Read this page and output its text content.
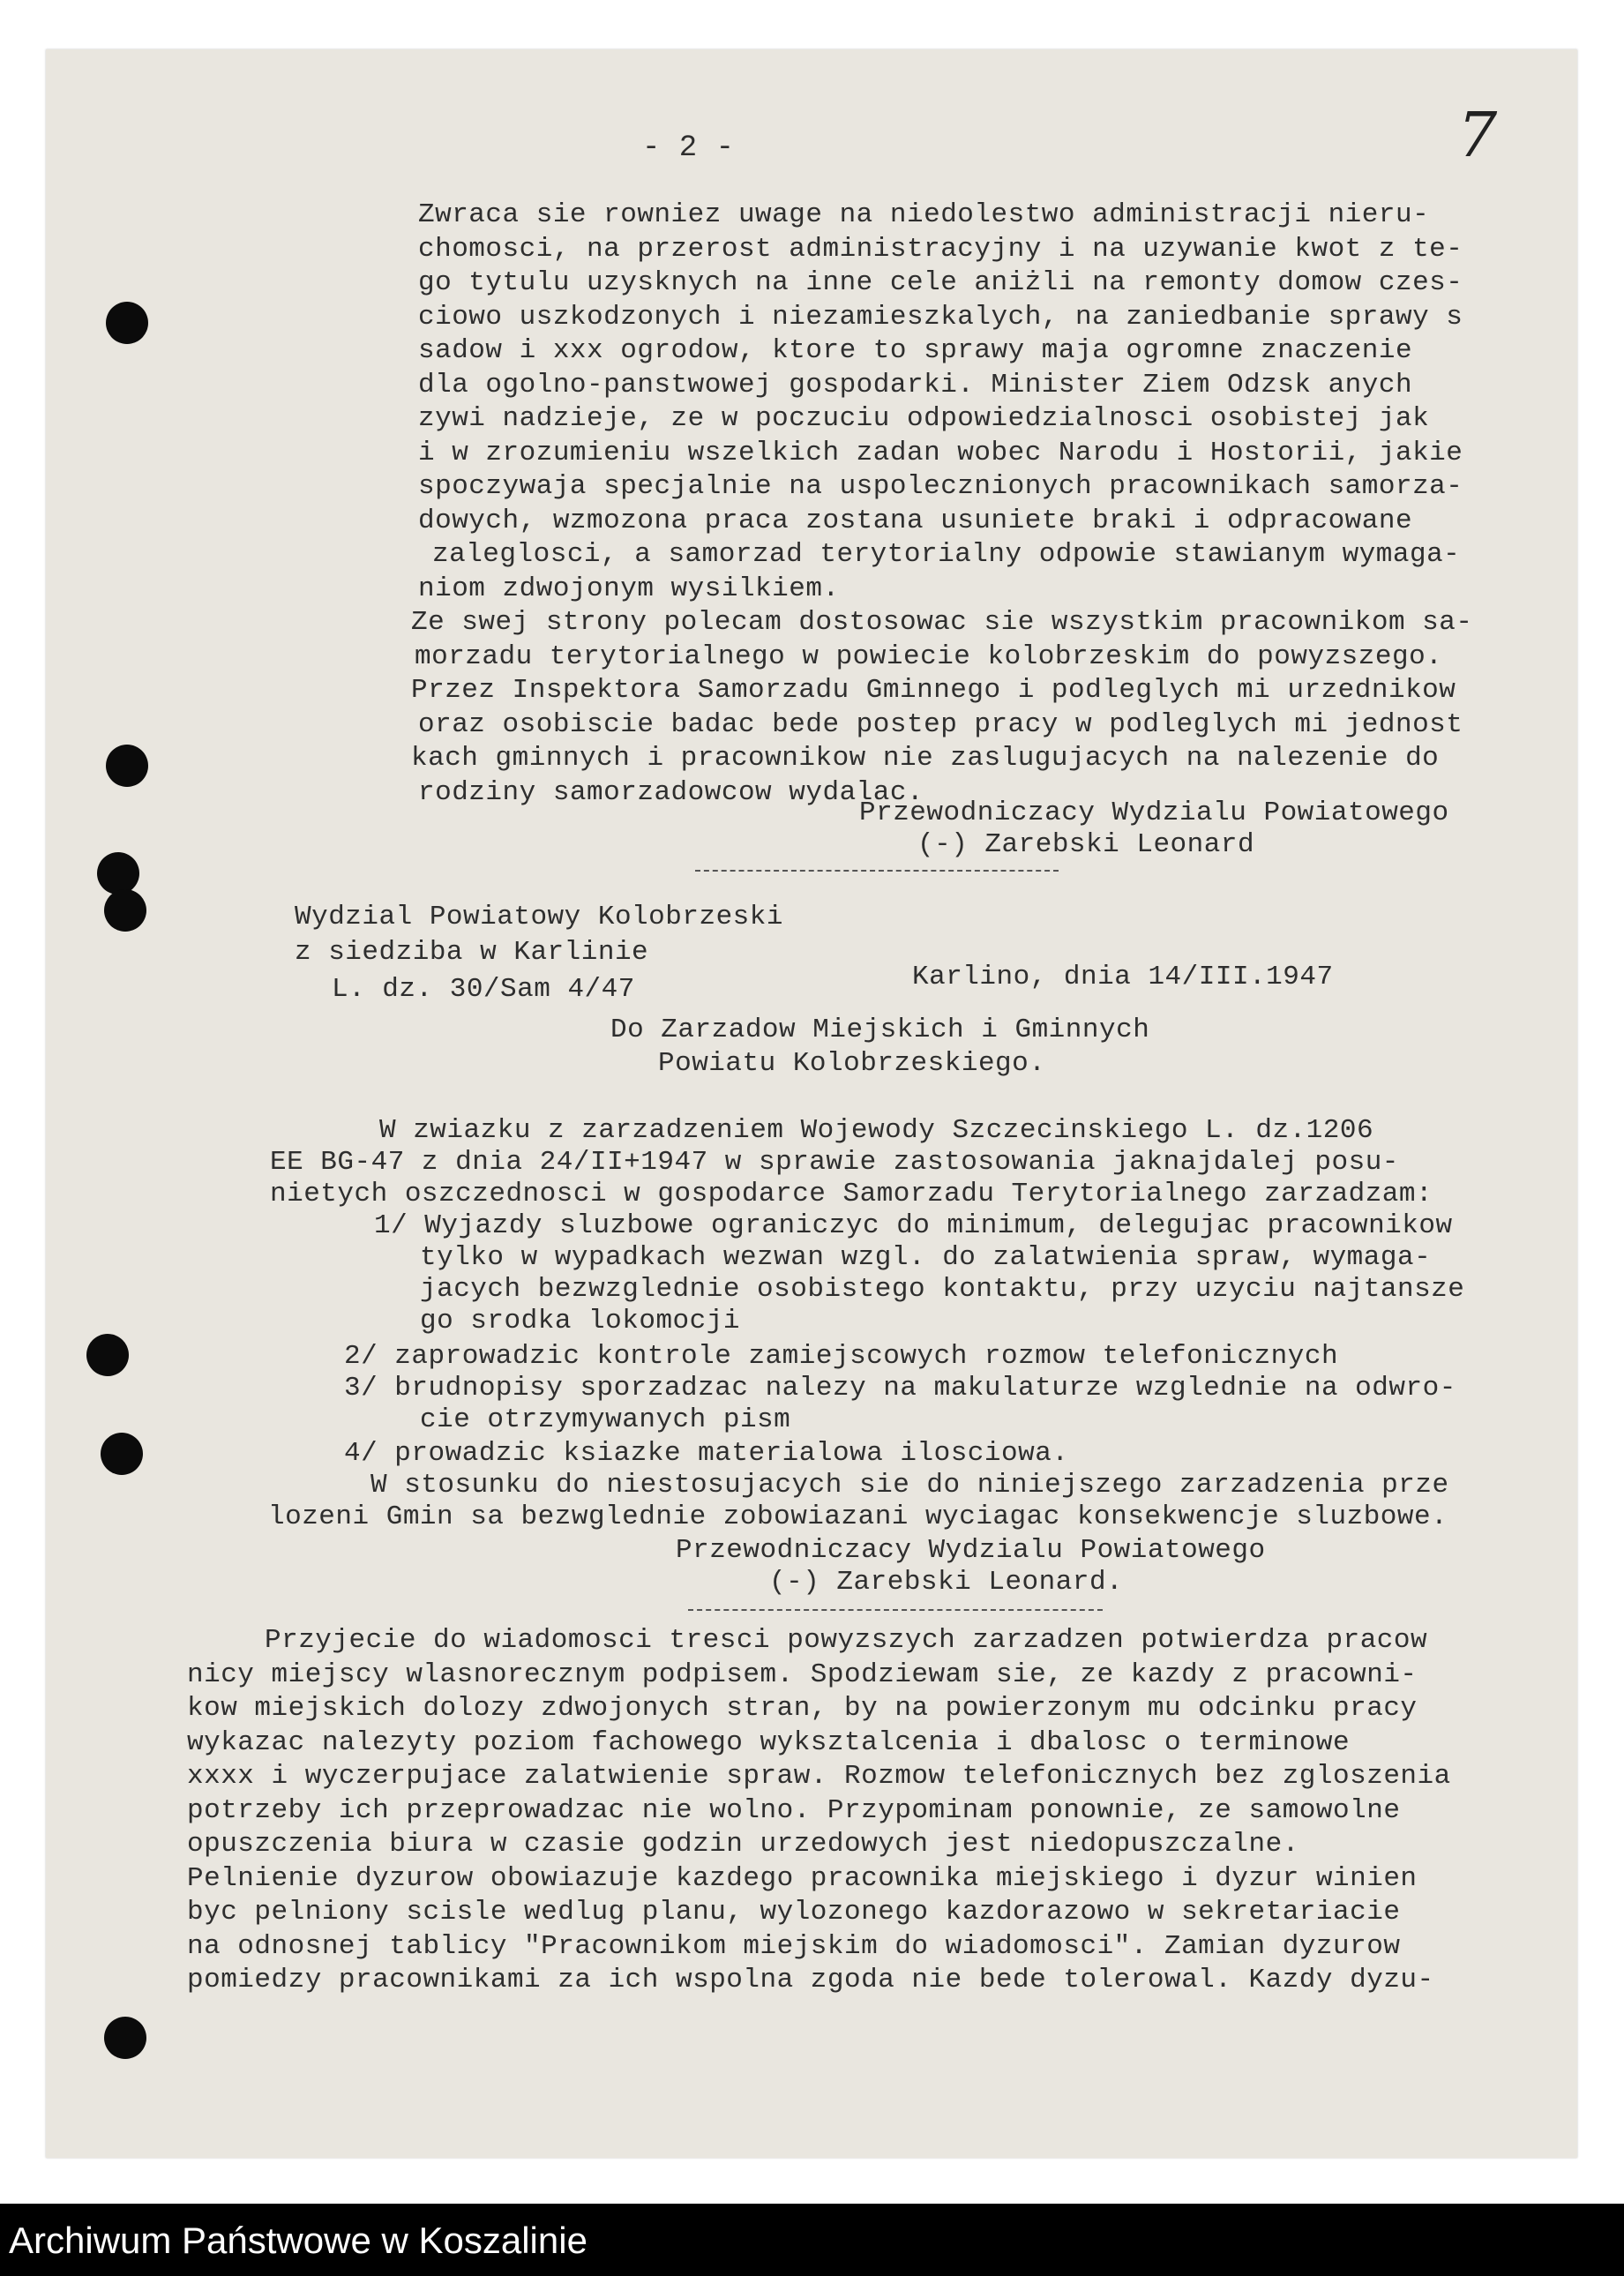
- 2 -	7
Zwraca sie rowniez uwage na niedolestwo administracji nieru-
chomosci, na przerost administracyjny i na uzywanie kwot z te-
go tytulu uzysknych na inne cele aniżli na remonty domow czes-
ciowo uszkodzonych i niezamieszkalych, na zaniedbanie sprawy s
sadow i xxx ogrodow, ktore to sprawy maja ogromne znaczenie
dla ogolno-panstwowej gospodarki. Minister Ziem Odzsk anych
zywi nadzieje, ze w poczuciu odpowiedzialnosci osobistej jak
i w zrozumieniu wszelkich zadan wobec Narodu i Hostorii, jakie
spoczywaja specjalnie na uspolecznionych pracownikach samorza-
dowych, wzmozona praca zostana usuniete braki i odpracowane
zaleglosci, a samorzad terytorialny odpowie stawianym wymaga-
niom zdwojonym wysilkiem.
Ze swej strony polecam dostosowac sie wszystkim pracownikom sa-
morzadu terytorialnego w powiecie kolobrzeskim do powyzszego.
Przez Inspektora Samorzadu Gminnego i podleglych mi urzednikow
oraz osobiscie badac bede postep pracy w podleglych mi jednost
kach gminnych i pracownikow nie zaslugujacych na nalezenie do
rodziny samorzadowcow wydalac.
Przewodniczacy Wydzialu Powiatowego
(-) Zarebski Leonard
Wydzial Powiatowy Kolobrzeski
z siedziba w Karlinie
L. dz. 30/Sam 4/47	Karlino, dnia 14/III.1947
Do Zarzadow Miejskich i Gminnych
Powiatu Kolobrzeskiego.
W zwiazku z zarzadzeniem Wojewody Szczecinskiego L. dz.1206
EE BG-47 z dnia 24/II+1947 w sprawie zastosowania jaknajdalej posu-
nietych oszczednosci w gospodarce Samorzadu Terytorialnego zarzadzam:
1/ Wyjazdy sluzbowe ograniczyc do minimum, delegujac pracownikow
tylko w wypadkach wezwan wzgl. do zalatwienia spraw, wymaga-
jacych bezwzglednie osobistego kontaktu, przy uzyciu najtansze
go srodka lokomocji
2/ zaprowadzic kontrole zamiejscowych rozmow telefonicznych
3/ brudnopisy sporzadzac nalezy na makulaturze wzglednie na odwro-
cie otrzymywanych pism
4/ prowadzic ksiazke materialowa ilosciowa.
W stosunku do niestosujacych sie do niniejszego zarzadzenia prze
lozeni Gmin sa bezwglednie zobowiazani wyciagac konsekwencje sluzbowe.
Przewodniczacy Wydzialu Powiatowego
(-) Zarebski Leonard.
Przyjecie do wiadomosci tresci powyzszych zarzadzen potwierdza pracow
nicy miejscy wlasnorecznym podpisem. Spodziewam sie, ze kazdy z pracowni-
kow miejskich dolozy zdwojonych stran, by na powierzonym mu odcinku pracy
wykazac nalezyty poziom fachowego wyksztalcenia i dbalosc o terminowe
xxxx i wyczerpujace zalatwienie spraw. Rozmow telefonicznych bez zgloszenia
potrzeby ich przeprowadzac nie wolno. Przypominam ponownie, ze samowolne
opuszczenia biura w czasie godzin urzedowych jest niedopuszczalne.
Pelnienie dyzurow obowiazuje kazdego pracownika miejskiego i dyzur winien
byc pelniony scisle wedlug planu, wylozonego kazdorazowo w sekretariacie
na odnosnej tablicy "Pracownikom miejskim do wiadomosci". Zamian dyzurow
pomiedzy pracownikami za ich wspolna zgoda nie bede tolerowal. Kazdy dyzu-
Archiwum Państwowe w Koszalinie
